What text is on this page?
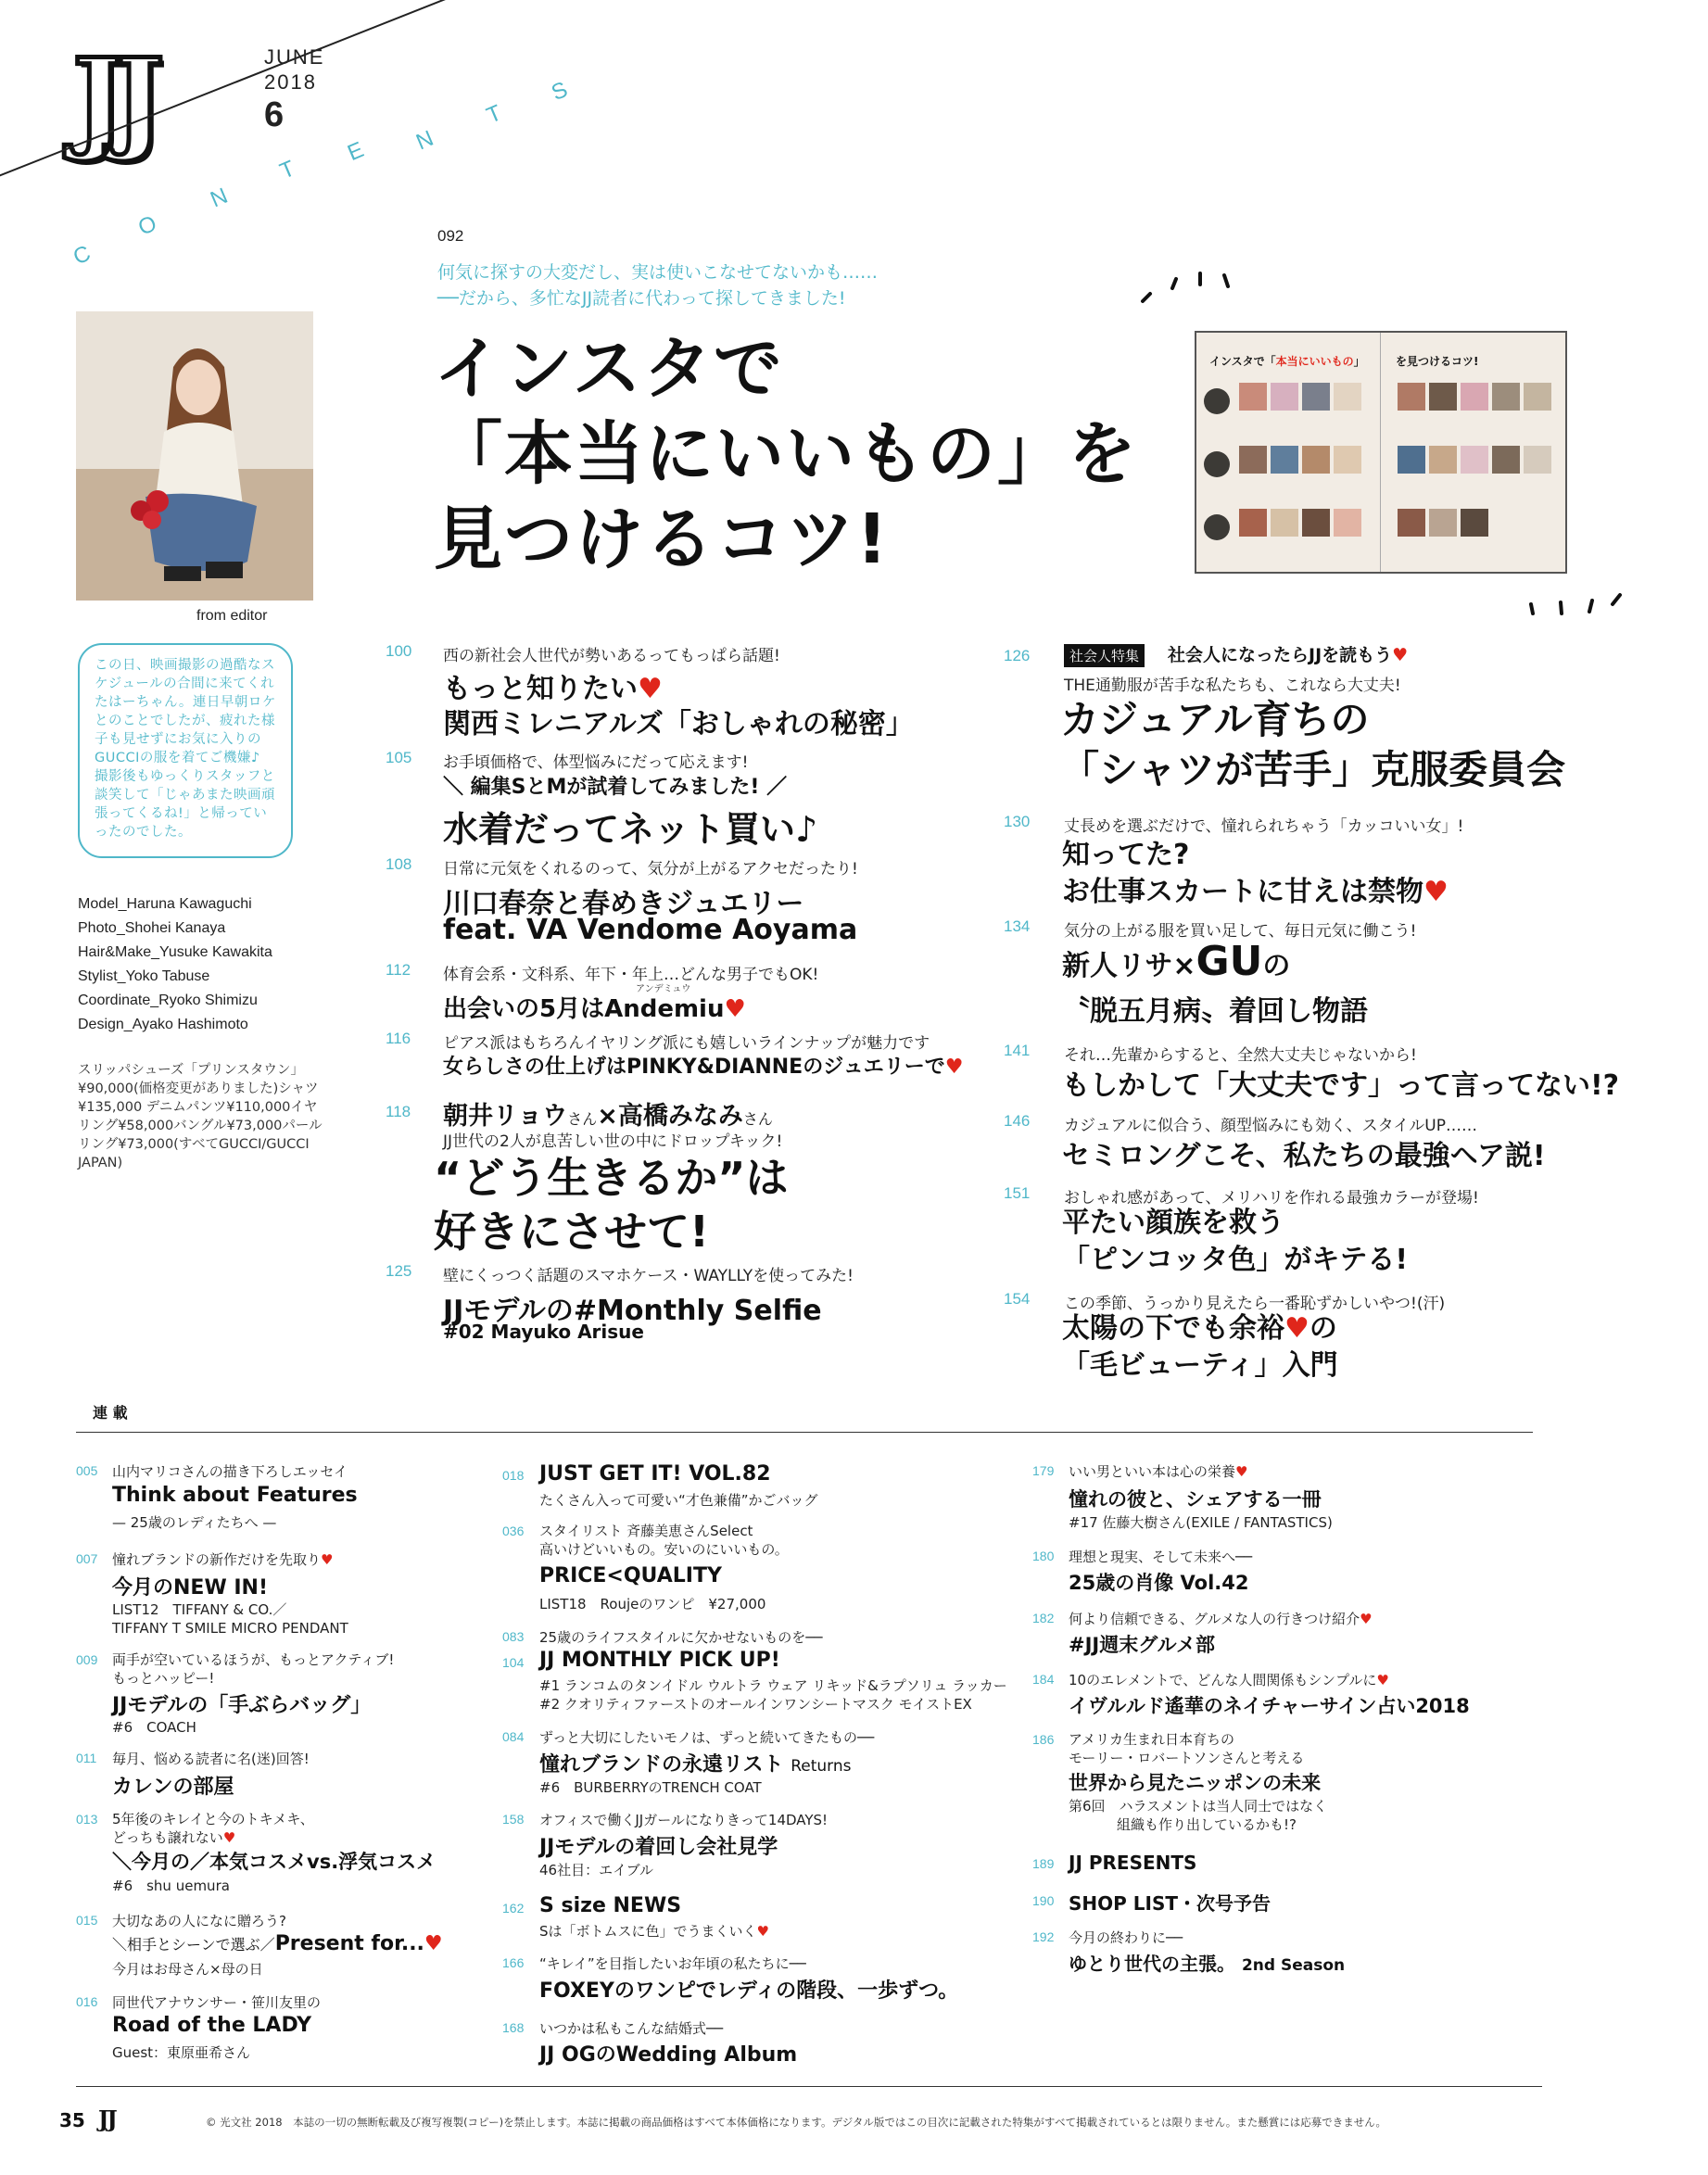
JJ	JUNE
2018
6
C
O
N
T
E N
T
S
from editor
この日、映画撮影の過酷なスケジュールの合間に来てくれたはーちゃん。連日早朝ロケとのことでしたが、疲れた様子も見せずにお気に入りのGUCCIの服を着てご機嫌♪ 撮影後もゆっくりスタッフと談笑して「じゃあまた映画頑張ってくるね!」と帰っていったのでした。
Model_Haruna Kawaguchi
Photo_Shohei Kanaya
Hair&Make_Yusuke Kawakita
Stylist_Yoko Tabuse
Coordinate_Ryoko Shimizu
Design_Ayako Hashimoto
スリッパシューズ「プリンスタウン」¥90,000(価格変更がありました)シャツ¥135,000 デニムパンツ¥110,000イヤリング¥58,000バングル¥73,000パールリング¥73,000(すべてGUCCI/GUCCI JAPAN)
092
何気に探すの大変だし、実は使いこなせてないかも……
──だから、多忙なJJ読者に代わって探してきました!
インスタで
「本当にいいもの」を
見つけるコツ!
インスタで「本当にいいもの」	を見つけるコツ!
100 西の新社会人世代が勢いあるってもっぱら話題!
もっと知りたい♥
関西ミレニアルズ「おしゃれの秘密」
105 お手頃価格で、体型悩みにだって応えます!
＼ 編集SとMが試着してみました! ／
水着だってネット買い♪
108 日常に元気をくれるのって、気分が上がるアクセだったり!
川口春奈と春めきジュエリー
feat. VA Vendome Aoyama
112 体育会系・文科系、年下・年上…どんな男子でもOK!
アンデミュウ
出会いの5月はAndemiu♥
116 ピアス派はもちろんイヤリング派にも嬉しいラインナップが魅力です
女らしさの仕上げはPINKY&DIANNEのジュエリーで♥
118 朝井リョウさん×高橋みなみさん
JJ世代の2人が息苦しい世の中にドロップキック!
“どう生きるか”は
好きにさせて!
125 壁にくっつく話題のスマホケース・WAYLLYを使ってみた!
JJモデルの#Monthly Selfie
#02 Mayuko Arisue
126	社会人特集	社会人になったらJJを読もう♥
THE通勤服が苦手な私たちも、これなら大丈夫!
カジュアル育ちの
「シャツが苦手」克服委員会
130 丈長めを選ぶだけで、憧れられちゃう「カッコいい女」!
知ってた?
お仕事スカートに甘えは禁物♥
134 気分の上がる服を買い足して、毎日元気に働こう!
新人リサ×GUの
〝脱五月病〟着回し物語
141 それ…先輩からすると、全然大丈夫じゃないから!
もしかして「大丈夫です」って言ってない!?
146 カジュアルに似合う、顔型悩みにも効く、スタイルUP……
セミロングこそ、私たちの最強ヘア説!
151 おしゃれ感があって、メリハリを作れる最強カラーが登場!
平たい顔族を救う
「ピンコッタ色」がキテる!
154 この季節、うっかり見えたら一番恥ずかしいやつ!(汗)
太陽の下でも余裕♥の
「毛ビューティ」入門
連 載
005 山内マリコさんの描き下ろしエッセイ
Think about Features
— 25歳のレディたちへ —
007 憧れブランドの新作だけを先取り♥
今月のNEW IN!
LIST12　TIFFANY & CO.／
TIFFANY T SMILE MICRO PENDANT
009 両手が空いているほうが、もっとアクティブ!
もっとハッピー!
JJモデルの「手ぶらバッグ」
#6　COACH
011 毎月、悩める読者に名(迷)回答!
カレンの部屋
013 5年後のキレイと今のトキメキ、
どっちも譲れない♥
＼今月の／本気コスメvs.浮気コスメ
#6　shu uemura
015 大切なあの人になに贈ろう?
＼相手とシーンで選ぶ／Present for...♥
今月はお母さん×母の日
016 同世代アナウンサー・笹川友里の
Road of the LADY
Guest：東原亜希さん
018 JUST GET IT! VOL.82
たくさん入って可愛い“才色兼備”かごバッグ
036 スタイリスト 斉藤美恵さんSelect
高いけどいいもの。安いのにいいもの。
PRICE<QUALITY
LIST18　Roujeのワンピ　¥27,000
083 25歳のライフスタイルに欠かせないものを──
104 JJ MONTHLY PICK UP!
#1 ランコムのタンイドル ウルトラ ウェア リキッド&ラプソリュ ラッカー
#2 クオリティファーストのオールインワンシートマスク モイストEX
084 ずっと大切にしたいモノは、ずっと続いてきたもの──
憧れブランドの永遠リスト Returns
#6　BURBERRYのTRENCH COAT
158 オフィスで働くJJガールになりきって14DAYS!
JJモデルの着回し会社見学
46社目：エイブル
162 S size NEWS
Sは「ボトムスに色」でうまくいく♥
166 “キレイ”を目指したいお年頃の私たちに──
FOXEYのワンピでレディの階段、一歩ずつ。
168 いつかは私もこんな結婚式──
JJ OGのWedding Album
179 いい男といい本は心の栄養♥
憧れの彼と、シェアする一冊
#17 佐藤大樹さん(EXILE / FANTASTICS)
180 理想と現実、そして未来へ──
25歳の肖像 Vol.42
182 何より信頼できる、グルメな人の行きつけ紹介♥
#JJ週末グルメ部
184 10のエレメントで、どんな人間関係もシンプルに♥
イヴルルド遙華のネイチャーサイン占い2018
186 アメリカ生まれ日本育ちの
モーリー・ロバートソンさんと考える
世界から見たニッポンの未来
第6回　ハラスメントは当人同士ではなく
組織も作り出しているかも!?
189 JJ PRESENTS
190 SHOP LIST・次号予告
192 今月の終わりに──
ゆとり世代の主張。 2nd Season
35 JJ	© 光文社 2018　本誌の一切の無断転載及び複写複製(コピー)を禁止します。本誌に掲載の商品価格はすべて本体価格になります。デジタル版ではこの目次に記載された特集がすべて掲載されているとは限りません。また懸賞には応募できません。
